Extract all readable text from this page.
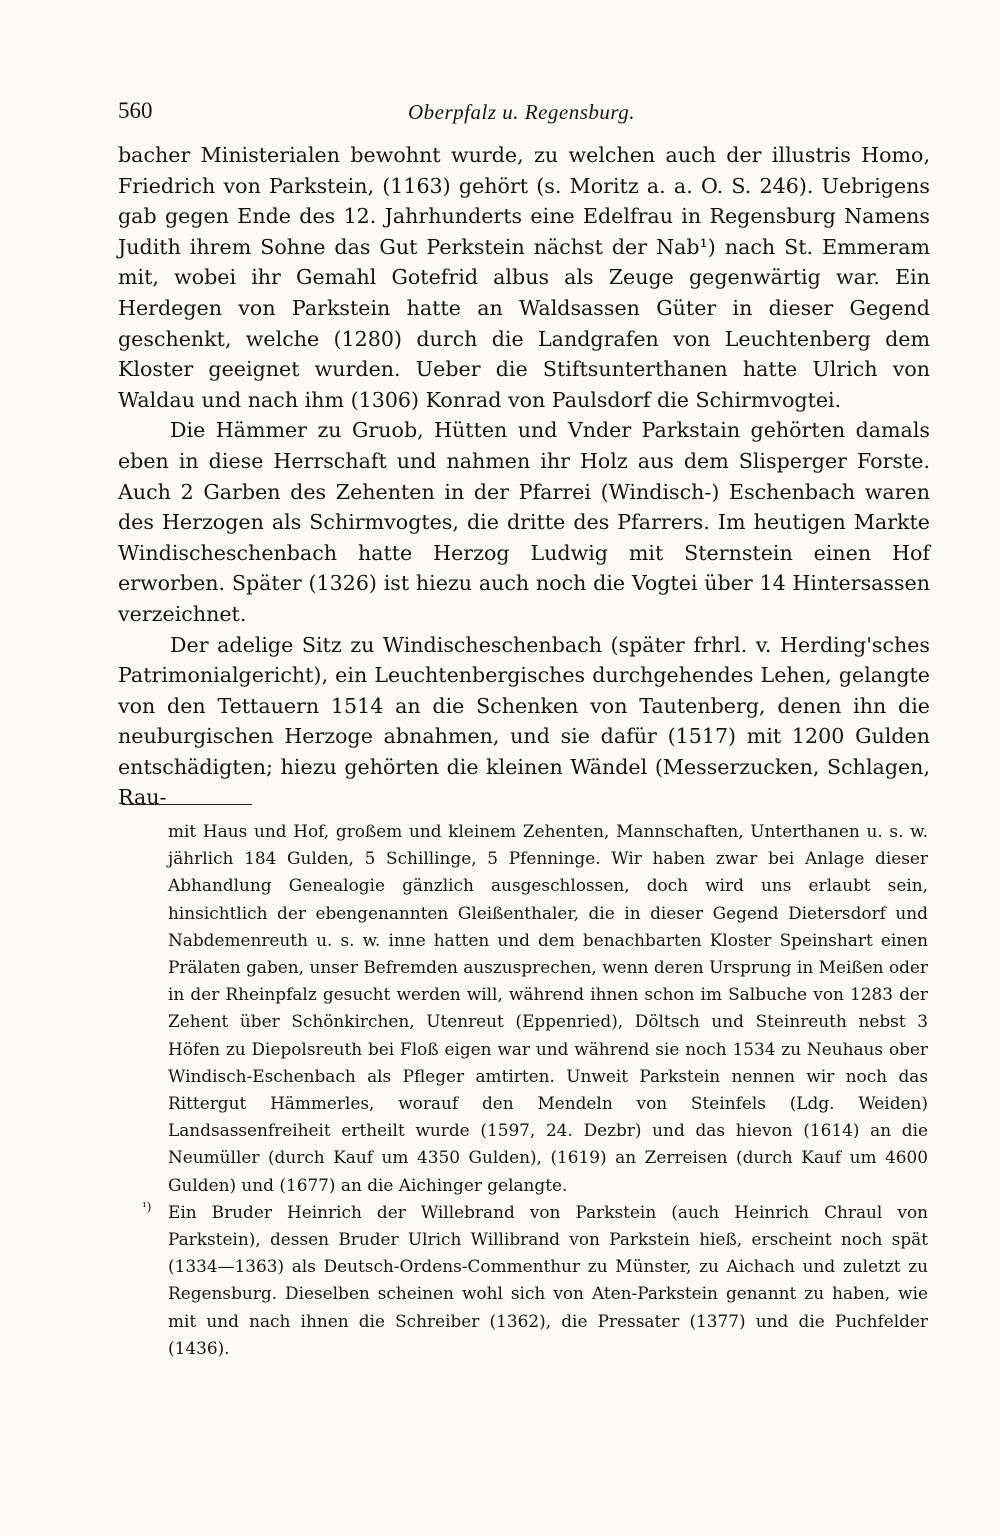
560	Oberpfalz u. Regensburg.

bacher Ministerialen bewohnt wurde, zu welchen auch der illustris Homo, Friedrich von Parkstein, (1163) gehört (s. Moritz a. a. O. S. 246). Uebrigens gab gegen Ende des 12. Jahrhunderts eine Edelfrau in Regensburg Namens Judith ihrem Sohne das Gut Perkstein nächst der Nab¹) nach St. Emmeram mit, wobei ihr Gemahl Gotefrid albus als Zeuge gegenwärtig war. Ein Herdegen von Parkstein hatte an Waldsassen Güter in dieser Gegend geschenkt, welche (1280) durch die Landgrafen von Leuchtenberg dem Kloster geeignet wurden. Ueber die Stiftsunterthanen hatte Ulrich von Waldau und nach ihm (1306) Konrad von Paulsdorf die Schirmvogtei.

Die Hämmer zu Gruob, Hütten und Vnder Parkstain gehörten damals eben in diese Herrschaft und nahmen ihr Holz aus dem Slisperger Forste. Auch 2 Garben des Zehenten in der Pfarrei (Windisch-) Eschenbach waren des Herzogen als Schirmvogtes, die dritte des Pfarrers. Im heutigen Markte Windischeschenbach hatte Herzog Ludwig mit Sternstein einen Hof erworben. Später (1326) ist hiezu auch noch die Vogtei über 14 Hintersassen verzeichnet.

Der adelige Sitz zu Windischeschenbach (später frhrl. v. Herding'sches Patrimonialgericht), ein Leuchtenbergisches durchgehendes Lehen, gelangte von den Tettauern 1514 an die Schenken von Tautenberg, denen ihn die neuburgischen Herzoge abnahmen, und sie dafür (1517) mit 1200 Gulden entschädigten; hiezu gehörten die kleinen Wändel (Messerzucken, Schlagen, Rau-

mit Haus und Hof, großem und kleinem Zehenten, Mannschaften, Unterthanen u. s. w. jährlich 184 Gulden, 5 Schillinge, 5 Pfenninge. Wir haben zwar bei Anlage dieser Abhandlung Genealogie gänzlich ausgeschlossen, doch wird uns erlaubt sein, hinsichtlich der ebengenannten Gleißenthaler, die in dieser Gegend Dietersdorf und Nabdemenreuth u. s. w. inne hatten und dem benachbarten Kloster Speinshart einen Prälaten gaben, unser Befremden auszusprechen, wenn deren Ursprung in Meißen oder in der Rheinpfalz gesucht werden will, während ihnen schon im Salbuche von 1283 der Zehent über Schönkirchen, Utenreut (Eppenried), Döltsch und Steinreuth nebst 3 Höfen zu Diepolsreuth bei Floß eigen war und während sie noch 1534 zu Neuhaus ober Windisch-Eschenbach als Pfleger amtirten. Unweit Parkstein nennen wir noch das Rittergut Hämmerles, worauf den Mendeln von Steinfels (Ldg. Weiden) Landsassenfreiheit ertheilt wurde (1597, 24. Dezbr) und das hievon (1614) an die Neumüller (durch Kauf um 4350 Gulden), (1619) an Zerreisen (durch Kauf um 4600 Gulden) und (1677) an die Aichinger gelangte.

¹) Ein Bruder Heinrich der Willebrand von Parkstein (auch Heinrich Chraul von Parkstein), dessen Bruder Ulrich Willibrand von Parkstein hieß, erscheint noch spät (1334—1363) als Deutsch-Ordens-Commenthur zu Münster, zu Aichach und zuletzt zu Regensburg. Dieselben scheinen wohl sich von Aten-Parkstein genannt zu haben, wie mit und nach ihnen die Schreiber (1362), die Pressater (1377) und die Puchfelder (1436).
